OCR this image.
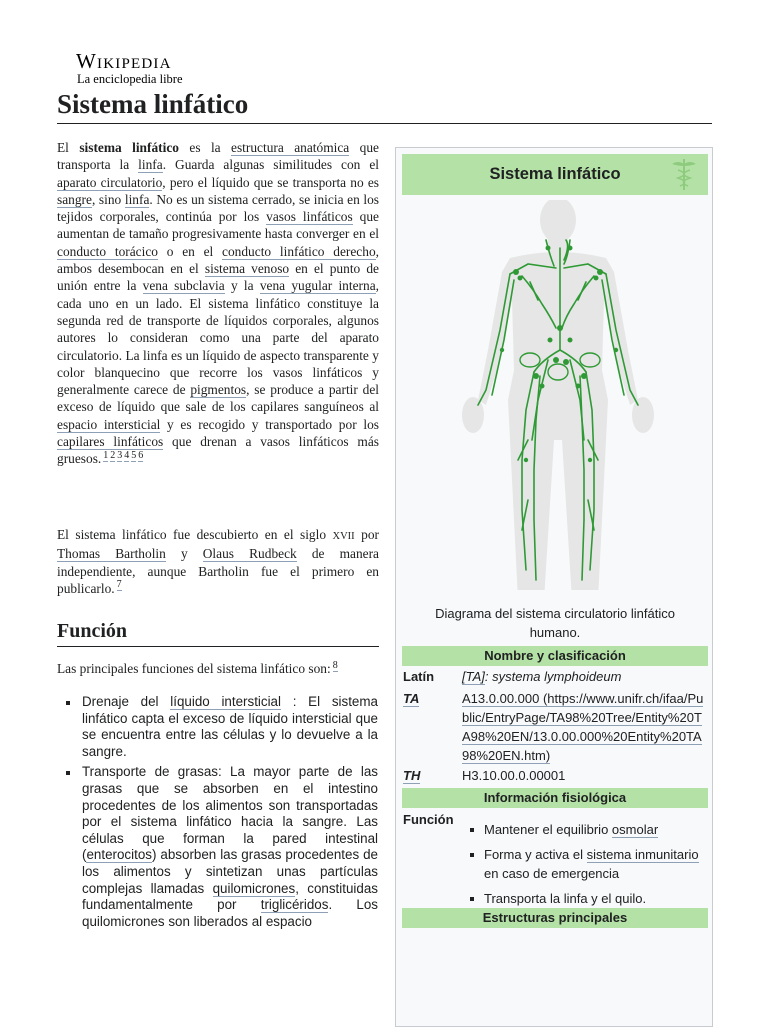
Wikipedia
La enciclopedia libre
Sistema linfático

El sistema linfático es la estructura anatómica que transporta la linfa. Guarda algunas similitudes con el aparato circulatorio, pero el líquido que se transporta no es sangre, sino linfa. No es un sistema cerrado, se inicia en los tejidos corporales, continúa por los vasos linfáticos que aumentan de tamaño progresivamente hasta converger en el conducto torácico o en el conducto linfático derecho, ambos desembocan en el sistema venoso en el punto de unión entre la vena subclavia y la vena yugular interna, cada uno en un lado. El sistema linfático constituye la segunda red de transporte de líquidos corporales, algunos autores lo consideran como una parte del aparato circulatorio. La linfa es un líquido de aspecto transparente y color blanquecino que recorre los vasos linfáticos y generalmente carece de pigmentos, se produce a partir del exceso de líquido que sale de los capilares sanguíneos al espacio intersticial y es recogido y transportado por los capilares linfáticos que drenan a vasos linfáticos más gruesos. $^1$ $^2$ $^3$ $^4$ $^5$ $^6$

El sistema linfático fue descubierto en el siglo XVII por Thomas Bartholin y Olaus Rudbeck de manera independiente, aunque Bartholin fue el primero en publicarlo. $^7$

Función

Las principales funciones del sistema linfático son: $^8$

Drenaje del líquido intersticial : El sistema linfático capta el exceso de líquido intersticial que se encuentra entre las células y lo devuelve a la sangre.
Transporte de grasas: La mayor parte de las grasas que se absorben en el intestino procedentes de los alimentos son transportadas por el sistema linfático hacia la sangre. Las células que forman la pared intestinal (enterocitos) absorben las grasas procedentes de los alimentos y sintetizan unas partículas complejas llamadas quilomicrones, constituidas fundamentalmente por triglicéridos. Los quilomicrones son liberados al espacio
Sistema linfático
Diagrama del sistema circulatorio linfático humano.
Nombre y clasificación
Latín [TA]: systema lymphoideum
TA	A13.0.00.000 (https://www.unifr.ch/ifaa/Public/EntryPage/TA98%20Tree/Entity%20TA98%20EN/13.0.00.000%20Entity%20TA98%20EN.htm)
TH	H3.10.00.0.00001
Información fisiológica
Función
Mantener el equilibrio osmolar
Forma y activa el sistema inmunitario en caso de emergencia
Transporta la linfa y el quilo.
Estructuras principales
